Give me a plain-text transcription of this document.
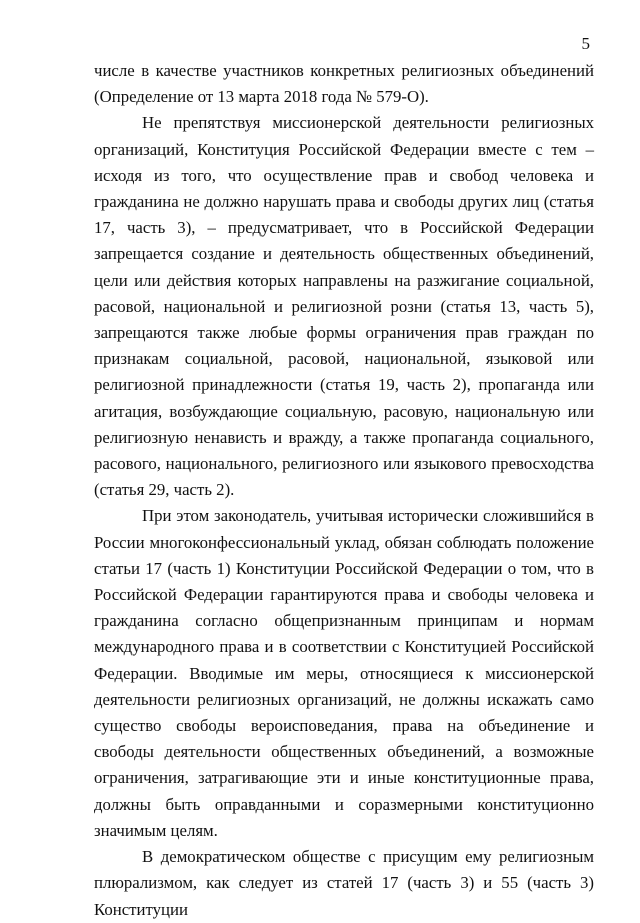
5

числе в качестве участников конкретных религиозных объединений (Определение от 13 марта 2018 года № 579-О).

Не препятствуя миссионерской деятельности религиозных организаций, Конституция Российской Федерации вместе с тем – исходя из того, что осуществление прав и свобод человека и гражданина не должно нарушать права и свободы других лиц (статья 17, часть 3), – предусматривает, что в Российской Федерации запрещается создание и деятельность общественных объединений, цели или действия которых направлены на разжигание социальной, расовой, национальной и религиозной розни (статья 13, часть 5), запрещаются также любые формы ограничения прав граждан по признакам социальной, расовой, национальной, языковой или религиозной принадлежности (статья 19, часть 2), пропаганда или агитация, возбуждающие социальную, расовую, национальную или религиозную ненависть и вражду, а также пропаганда социального, расового, национального, религиозного или языкового превосходства (статья 29, часть 2).

При этом законодатель, учитывая исторически сложившийся в России многоконфессиональный уклад, обязан соблюдать положение статьи 17 (часть 1) Конституции Российской Федерации о том, что в Российской Федерации гарантируются права и свободы человека и гражданина согласно общепризнанным принципам и нормам международного права и в соответствии с Конституцией Российской Федерации. Вводимые им меры, относящиеся к миссионерской деятельности религиозных организаций, не должны искажать само существо свободы вероисповедания, права на объединение и свободы деятельности общественных объединений, а возможные ограничения, затрагивающие эти и иные конституционные права, должны быть оправданными и соразмерными конституционно значимым целям.

В демократическом обществе с присущим ему религиозным плюрализмом, как следует из статей 17 (часть 3) и 55 (часть 3) Конституции
